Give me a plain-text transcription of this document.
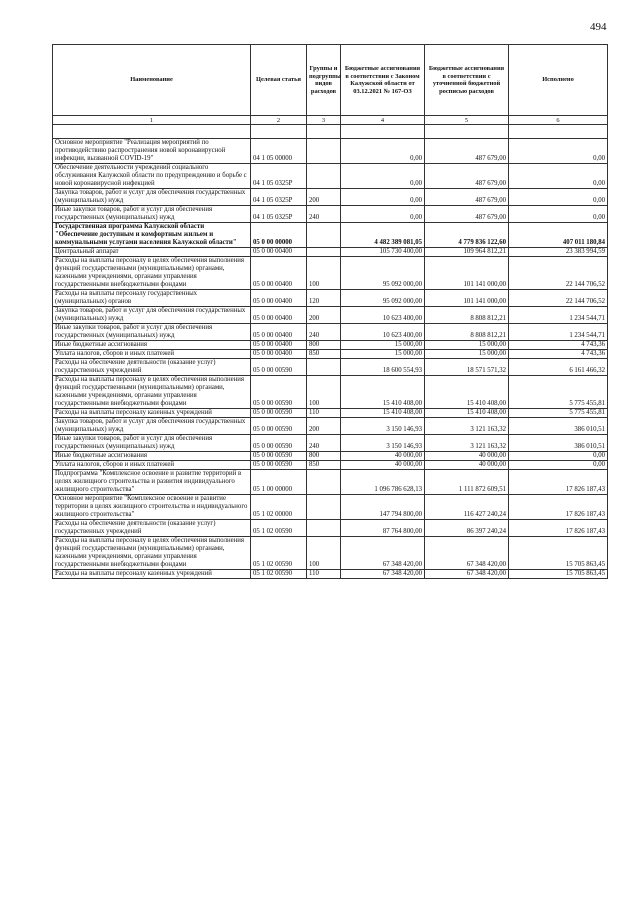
494
Наименование	Целевая статья	Группы и подгруппы видов расходов	Бюджетные ассигнования в соответствии с Законом Калужской области от 03.12.2021 № 167-ОЗ	Бюджетные ассигнования в соответствии с уточненной бюджетной росписью расходов	Исполнено
1	2	3	4	5	6

Основное мероприятие "Реализация мероприятий по противодействию распространения новой коронавирусной инфекции, вызванной COVID-19"	04 1 05 00000		0,00	487 679,00	0,00
Обеспечение деятельности учреждений социального обслуживания Калужской области по предупреждению и борьбе с новой коронавирусной инфекцией	04 1 05 0325Р		0,00	487 679,00	0,00
Закупка товаров, работ и услуг для обеспечения государственных (муниципальных) нужд	04 1 05 0325Р	200	0,00	487 679,00	0,00
Иные закупки товаров, работ и услуг для обеспечения государственных (муниципальных) нужд	04 1 05 0325Р	240	0,00	487 679,00	0,00
Государственная программа Калужской области "Обеспечение доступным и комфортным жильем и коммунальными услугами населения Калужской области"	05 0 00 00000		4 482 389 081,05	4 779 836 122,60	407 011 180,84
Центральный аппарат	05 0 00 00400		105 730 400,00	109 964 812,21	23 383 994,59
Расходы на выплаты персоналу в целях обеспечения выполнения функций государственными (муниципальными) органами, казенными учреждениями, органами управления государственными внебюджетными фондами	05 0 00 00400	100	95 092 000,00	101 141 000,00	22 144 706,52
Расходы на выплаты персоналу государственных (муниципальных) органов	05 0 00 00400	120	95 092 000,00	101 141 000,00	22 144 706,52
Закупка товаров, работ и услуг для обеспечения государственных (муниципальных) нужд	05 0 00 00400	200	10 623 400,00	8 808 812,21	1 234 544,71
Иные закупки товаров, работ и услуг для обеспечения государственных (муниципальных) нужд	05 0 00 00400	240	10 623 400,00	8 808 812,21	1 234 544,71
Иные бюджетные ассигнования	05 0 00 00400	800	15 000,00	15 000,00	4 743,36
Уплата налогов, сборов и иных платежей	05 0 00 00400	850	15 000,00	15 000,00	4 743,36
Расходы на обеспечение деятельности (оказание услуг) государственных учреждений	05 0 00 00590		18 600 554,93	18 571 571,32	6 161 466,32
Расходы на выплаты персоналу в целях обеспечения выполнения функций государственными (муниципальными) органами, казенными учреждениями, органами управления государственными внебюджетными фондами	05 0 00 00590	100	15 410 408,00	15 410 408,00	5 775 455,81
Расходы на выплаты персоналу казенных учреждений	05 0 00 00590	110	15 410 408,00	15 410 408,00	5 775 455,81
Закупка товаров, работ и услуг для обеспечения государственных (муниципальных) нужд	05 0 00 00590	200	3 150 146,93	3 121 163,32	386 010,51
Иные закупки товаров, работ и услуг для обеспечения государственных (муниципальных) нужд	05 0 00 00590	240	3 150 146,93	3 121 163,32	386 010,51
Иные бюджетные ассигнования	05 0 00 00590	800	40 000,00	40 000,00	0,00
Уплата налогов, сборов и иных платежей	05 0 00 00590	850	40 000,00	40 000,00	0,00
Подпрограмма "Комплексное освоение и развитие территорий в целях жилищного строительства и развития индивидуального жилищного строительства"	05 1 00 00000		1 096 786 628,13	1 111 872 609,51	17 826 187,43
Основное мероприятие "Комплексное освоение и развитие территории в целях жилищного строительства и индивидуального жилищного строительства"	05 1 02 00000		147 794 800,00	116 427 240,24	17 826 187,43
Расходы на обеспечение деятельности (оказание услуг) государственных учреждений	05 1 02 00590		87 764 800,00	86 397 240,24	17 826 187,43
Расходы на выплаты персоналу в целях обеспечения выполнения функций государственными (муниципальными) органами, казенными учреждениями, органами управления государственными внебюджетными фондами	05 1 02 00590	100	67 348 420,00	67 348 420,00	15 705 863,45
Расходы на выплаты персоналу казенных учреждений	05 1 02 00590	110	67 348 420,00	67 348 420,00	15 705 863,45
